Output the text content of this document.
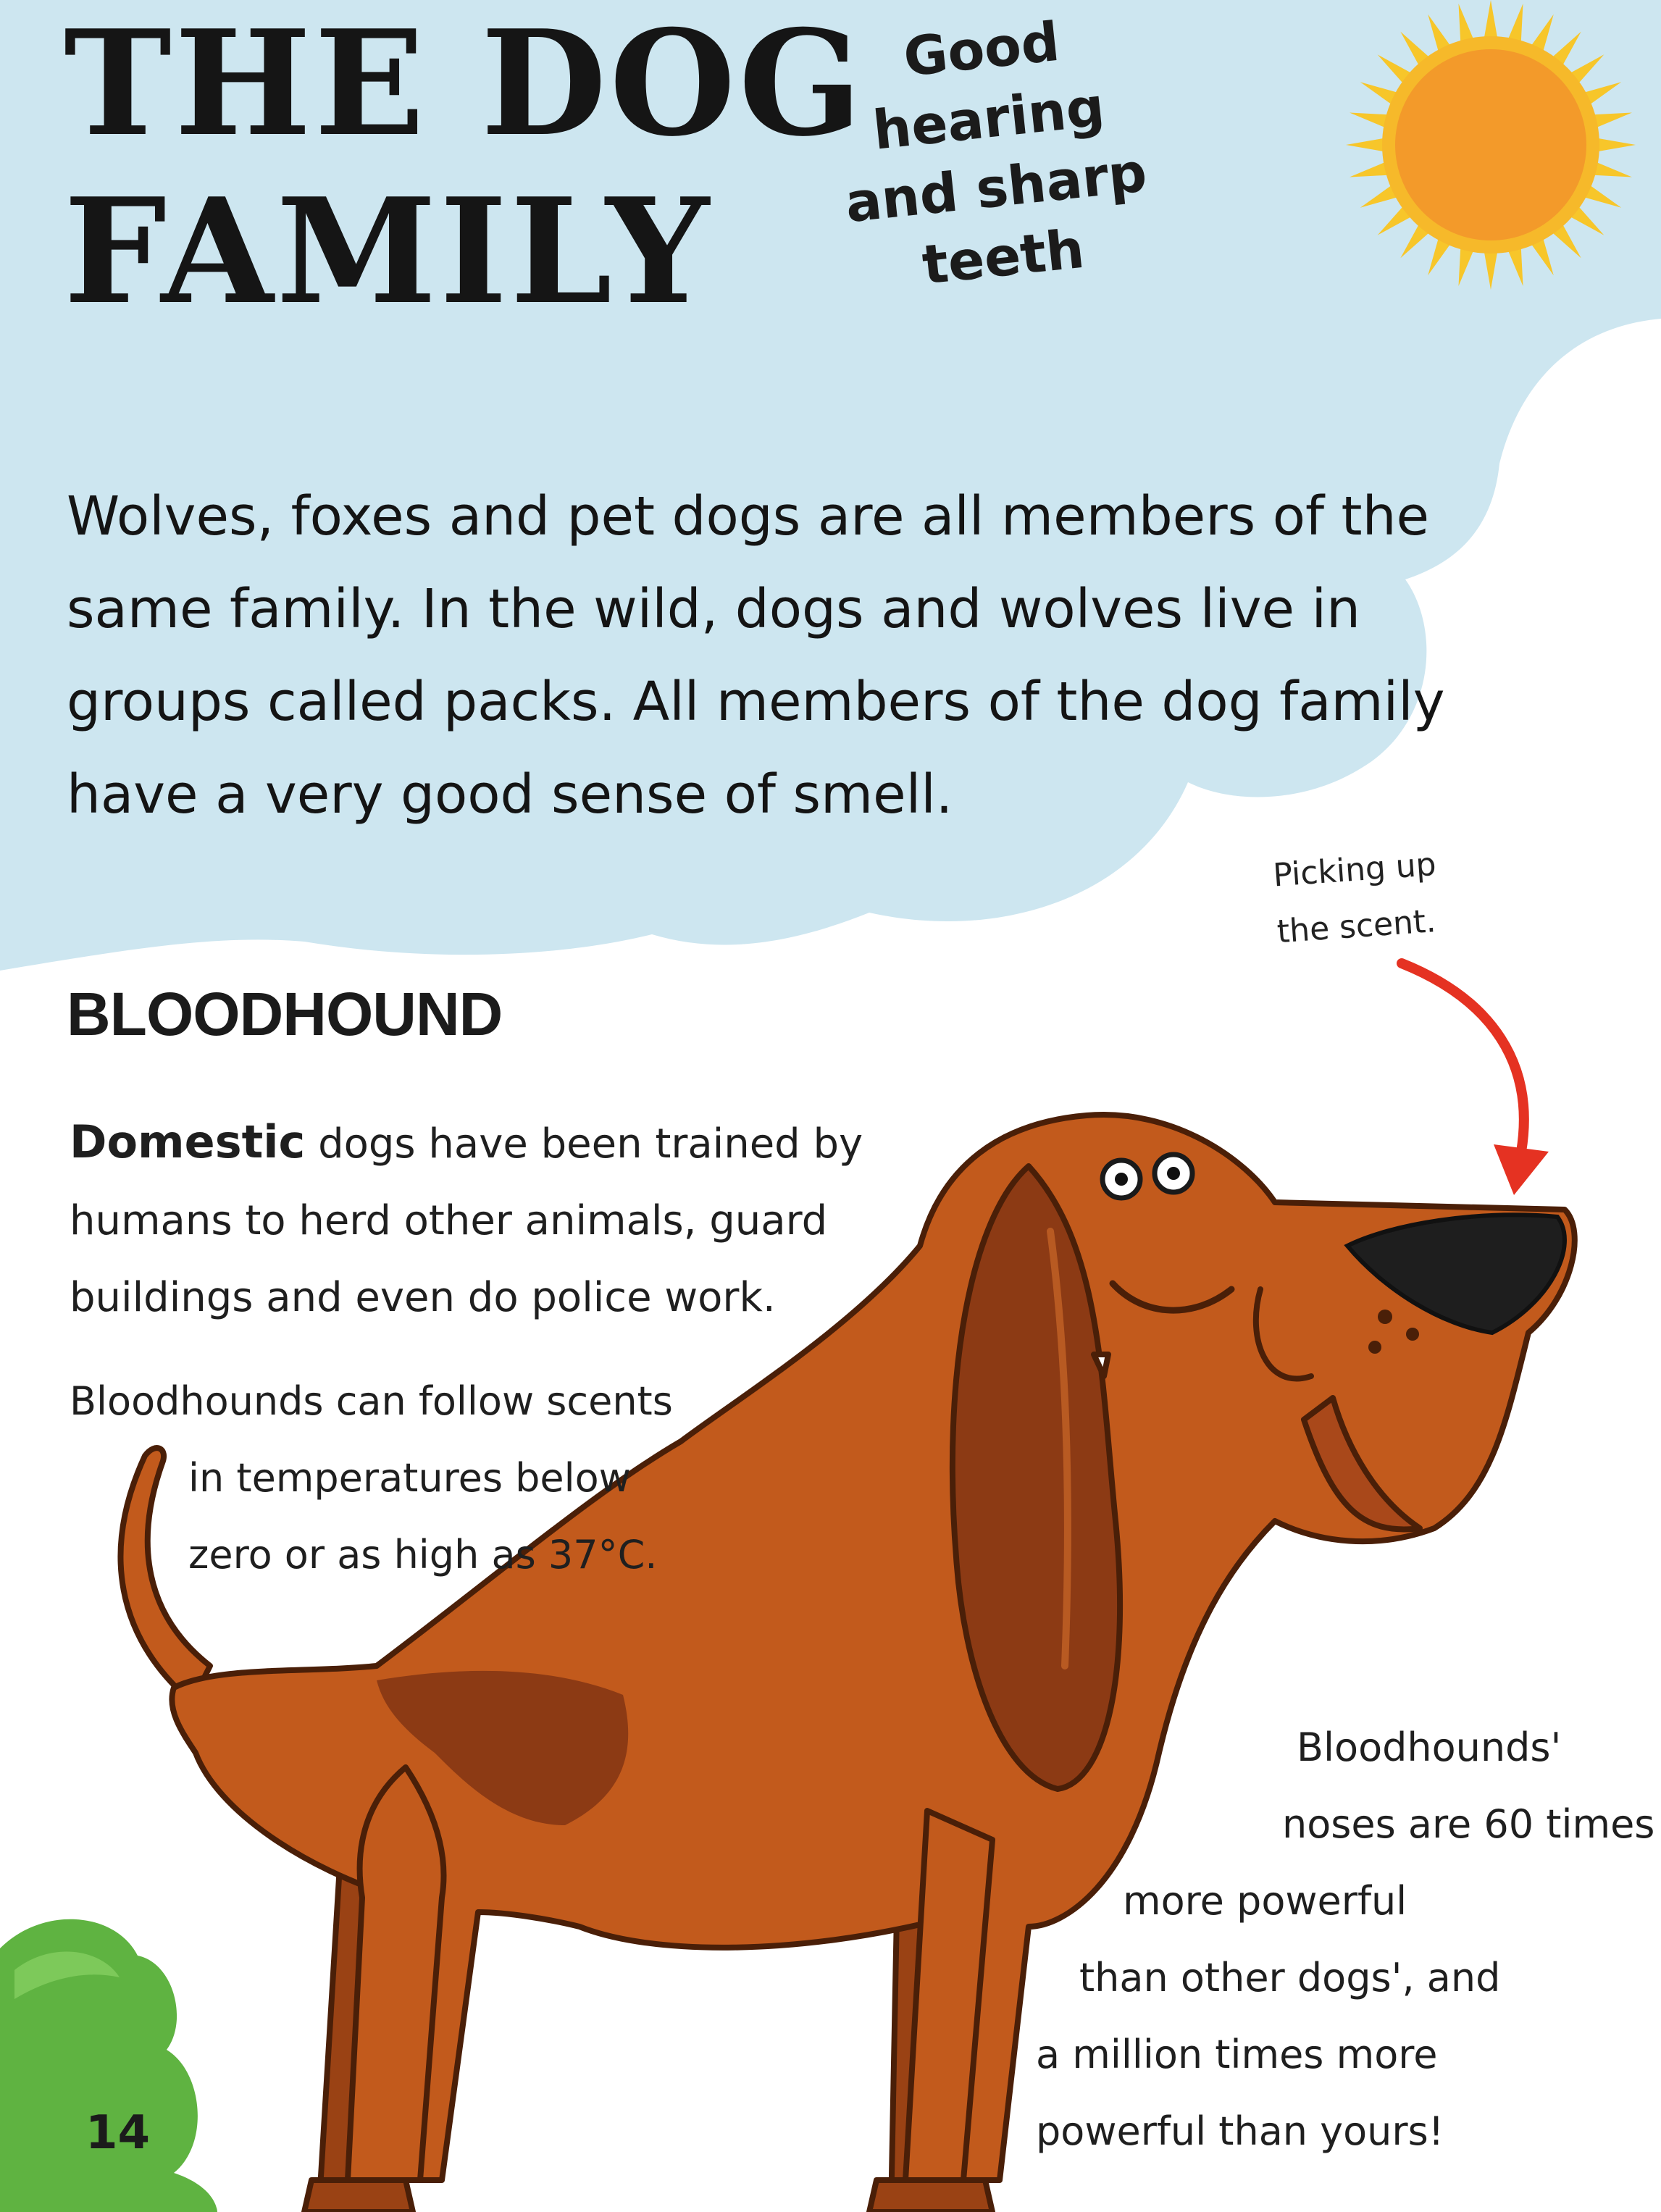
THE DOG
FAMILY
Good hearing
and sharp
teeth

Wolves, foxes and pet dogs are all members of the same family. In the wild, dogs and wolves live in groups called packs. All members of the dog family have a very good sense of smell.

Picking up
the scent.
BLOODHOUND

Domestic dogs have been trained by humans to herd other animals, guard buildings and even do police work.

Bloodhounds can follow scents
in temperatures below
zero or as high as 37°C.
Bloodhounds'
noses are 60 times
more powerful
than other dogs', and
a million times more
powerful than yours!
14
